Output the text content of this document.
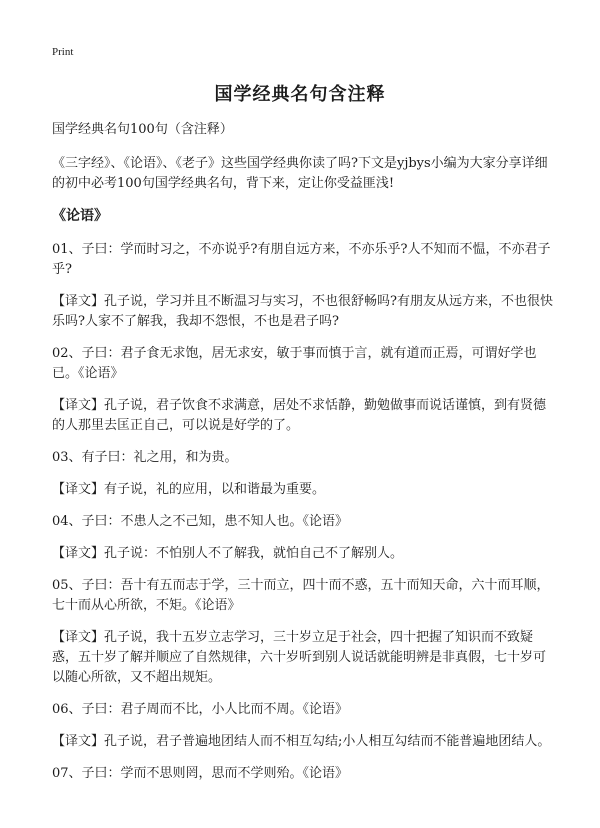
Print
国学经典名句含注释

国学经典名句100句（含注释）

《三字经》、《论语》、《老子》这些国学经典你读了吗?下文是yjbys小编为大家分享详细的初中必考100句国学经典名句，背下来，定让你受益匪浅!

《论语》

01、子曰：学而时习之，不亦说乎?有朋自远方来，不亦乐乎?人不知而不愠，不亦君子乎?

【译文】孔子说，学习并且不断温习与实习，不也很舒畅吗?有朋友从远方来，不也很快乐吗?人家不了解我，我却不怨恨，不也是君子吗?

02、子曰：君子食无求饱，居无求安，敏于事而慎于言，就有道而正焉，可谓好学也已。《论语》

【译文】孔子说，君子饮食不求满意，居处不求恬静，勤勉做事而说话谨慎，到有贤德的人那里去匡正自己，可以说是好学的了。

03、有子曰：礼之用，和为贵。

【译文】有子说，礼的应用，以和谐最为重要。

04、子曰：不患人之不己知，患不知人也。《论语》

【译文】孔子说：不怕别人不了解我，就怕自己不了解别人。

05、子曰：吾十有五而志于学，三十而立，四十而不惑，五十而知天命，六十而耳顺，七十而从心所欲，不矩。《论语》

【译文】孔子说，我十五岁立志学习，三十岁立足于社会，四十把握了知识而不致疑惑，五十岁了解并顺应了自然规律，六十岁听到别人说话就能明辨是非真假，七十岁可以随心所欲，又不超出规矩。

06、子曰：君子周而不比，小人比而不周。《论语》

【译文】孔子说，君子普遍地团结人而不相互勾结;小人相互勾结而不能普遍地团结人。

07、子曰：学而不思则罔，思而不学则殆。《论语》
